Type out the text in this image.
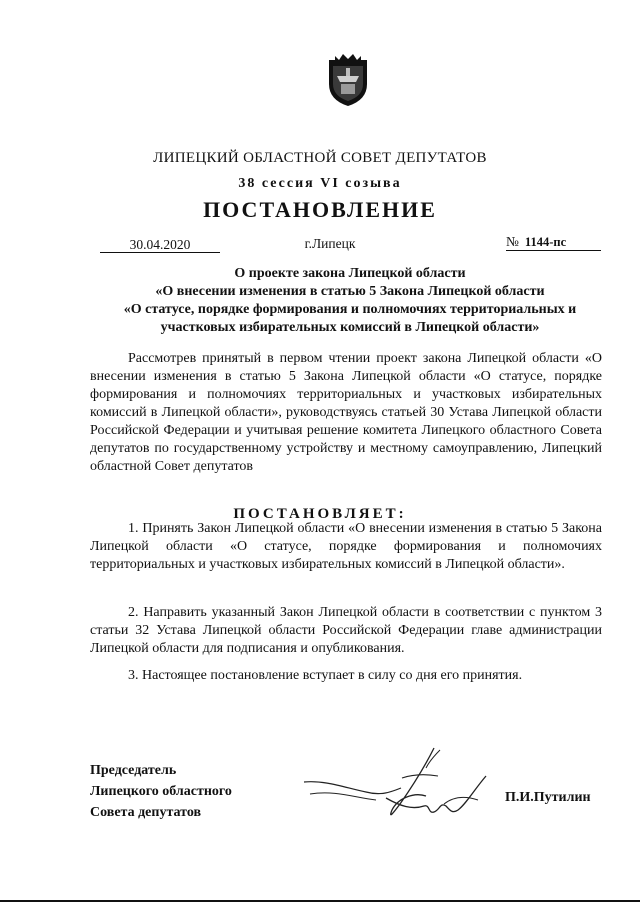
ЛИПЕЦКИЙ ОБЛАСТНОЙ СОВЕТ ДЕПУТАТОВ
38 сессия VI созыва
ПОСТАНОВЛЕНИЕ
30.04.2020	г.Липецк	№ 1144-пс
О проекте закона Липецкой области
«О внесении изменения в статью 5 Закона Липецкой области
«О статусе, порядке формирования и полномочиях территориальных и
участковых избирательных комиссий в Липецкой области»

Рассмотрев принятый в первом чтении проект закона Липецкой области «О внесении изменения в статью 5 Закона Липецкой области «О статусе, порядке формирования и полномочиях территориальных и участковых избирательных комиссий в Липецкой области», руководствуясь статьей 30 Устава Липецкой области Российской Федерации и учитывая решение комитета Липецкого областного Совета депутатов по государственному устройству и местному самоуправлению, Липецкий областной Совет депутатов

ПОСТАНОВЛЯЕТ:

1. Принять Закон Липецкой области «О внесении изменения в статью 5 Закона Липецкой области «О статусе, порядке формирования и полномочиях территориальных и участковых избирательных комиссий в Липецкой области».

2. Направить указанный Закон Липецкой области в соответствии с пунктом 3 статьи 32 Устава Липецкой области Российской Федерации главе администрации Липецкой области для подписания и опубликования.

3. Настоящее постановление вступает в силу со дня его принятия.

Председатель
Липецкого областного
Совета депутатов
П.И.Путилин
